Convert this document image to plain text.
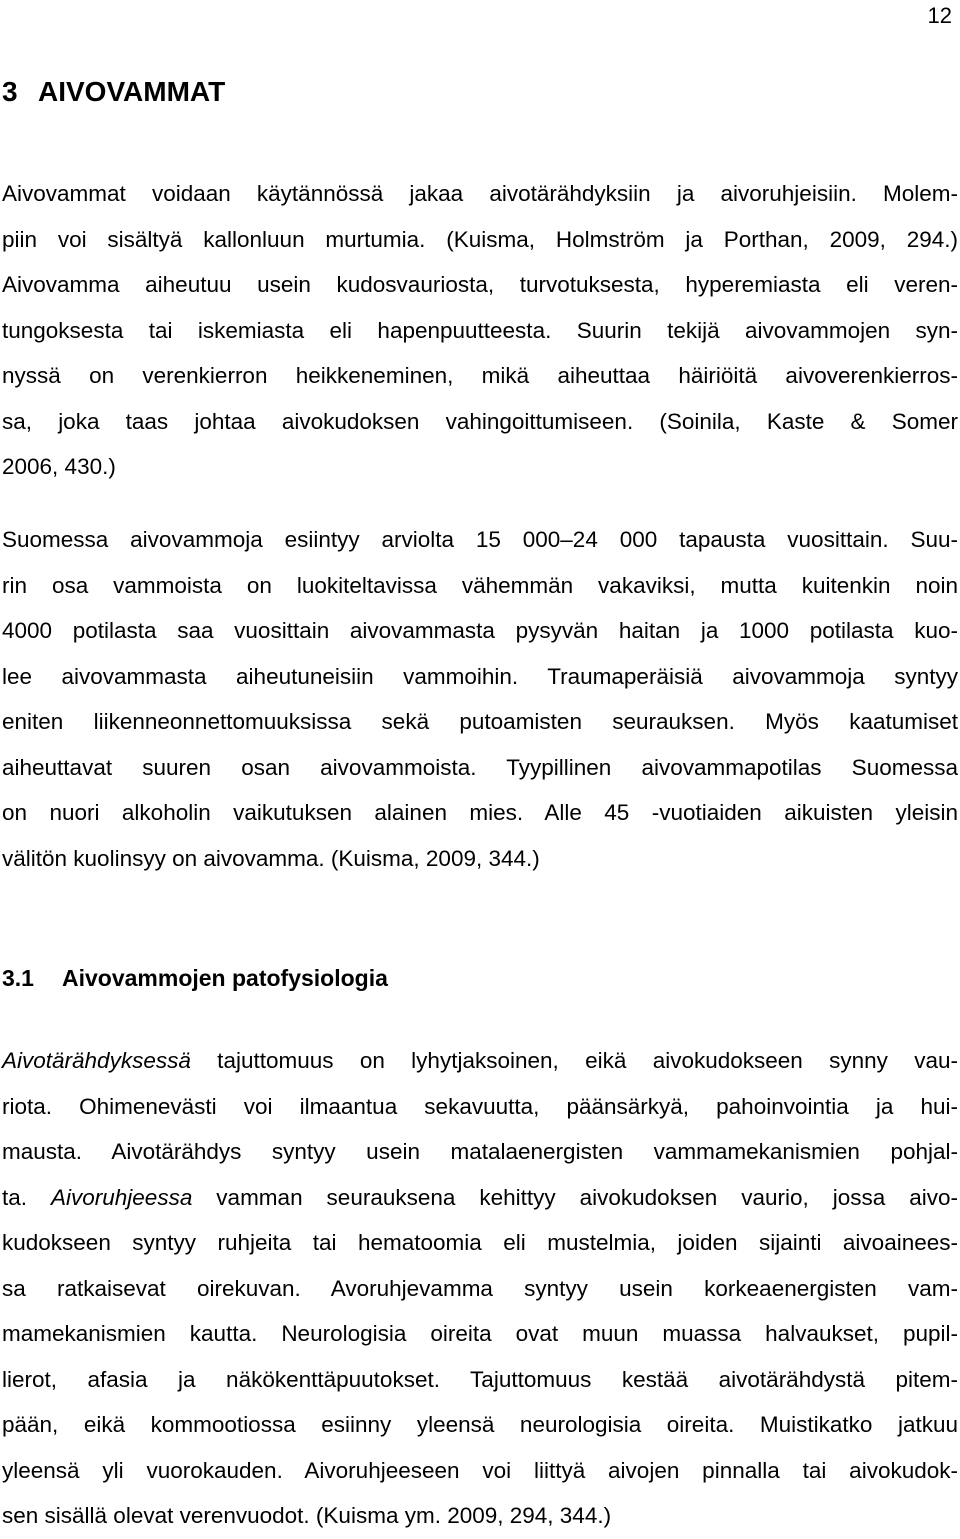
12
3 AIVOVAMMAT
Aivovammat voidaan käytännössä jakaa aivotärähdyksiin ja aivoruhjeisiin. Molem-
piin voi sisältyä kallonluun murtumia. (Kuisma, Holmström ja Porthan, 2009, 294.)
Aivovamma aiheutuu usein kudosvauriosta, turvotuksesta, hyperemiasta eli veren-
tungoksesta tai iskemiasta eli hapenpuutteesta. Suurin tekijä aivovammojen syn-
nyssä on verenkierron heikkeneminen, mikä aiheuttaa häiriöitä aivoverenkierros-
sa, joka taas johtaa aivokudoksen vahingoittumiseen. (Soinila, Kaste & Somer
2006, 430.)
Suomessa aivovammoja esiintyy arviolta 15 000–24 000 tapausta vuosittain. Suu-
rin osa vammoista on luokiteltavissa vähemmän vakaviksi, mutta kuitenkin noin
4000 potilasta saa vuosittain aivovammasta pysyvän haitan ja 1000 potilasta kuo-
lee aivovammasta aiheutuneisiin vammoihin. Traumaperäisiä aivovammoja syntyy
eniten liikenneonnettomuuksissa sekä putoamisten seurauksen. Myös kaatumiset
aiheuttavat suuren osan aivovammoista. Tyypillinen aivovammapotilas Suomessa
on nuori alkoholin vaikutuksen alainen mies. Alle 45 -vuotiaiden aikuisten yleisin
välitön kuolinsyy on aivovamma. (Kuisma, 2009, 344.)
3.1 Aivovammojen patofysiologia
Aivotärähdyksessä tajuttomuus on lyhytjaksoinen, eikä aivokudokseen synny vau-
riota. Ohimenevästi voi ilmaantua sekavuutta, päänsärkyä, pahoinvointia ja hui-
mausta. Aivotärähdys syntyy usein matalaenergisten vammamekanismien pohjal-
ta. Aivoruhjeessa vamman seurauksena kehittyy aivokudoksen vaurio, jossa aivo-
kudokseen syntyy ruhjeita tai hematoomia eli mustelmia, joiden sijainti aivoainees-
sa ratkaisevat oirekuvan. Avoruhjevamma syntyy usein korkeaenergisten vam-
mamekanismien kautta. Neurologisia oireita ovat muun muassa halvaukset, pupil-
lierot, afasia ja näkökenttäpuutokset. Tajuttomuus kestää aivotärähdystä pitem-
pään, eikä kommootiossa esiinny yleensä neurologisia oireita. Muistikatko jatkuu
yleensä yli vuorokauden. Aivoruhjeeseen voi liittyä aivojen pinnalla tai aivokudok-
sen sisällä olevat verenvuodot. (Kuisma ym. 2009, 294, 344.)
